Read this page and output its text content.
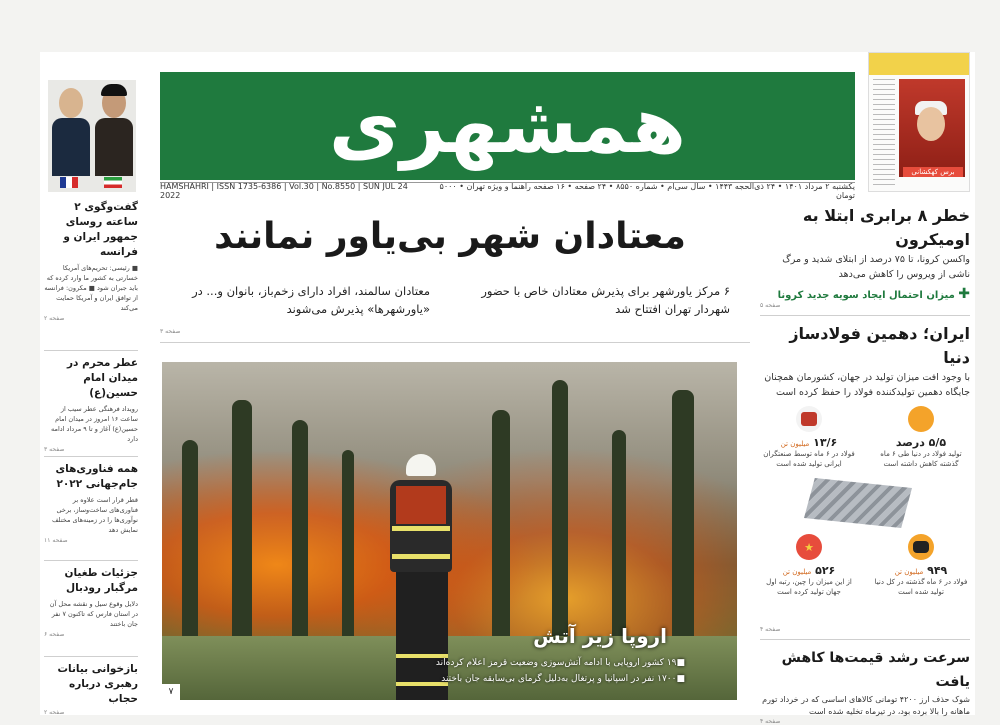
همشهری
HAMSHAHRI | ISSN 1735-6386 | Vol.30 | No.8550 | SUN JUL 24 2022
یکشنبه ۲ مرداد ۱۴۰۱ • ۲۴ ذی‌الحجه ۱۴۴۳ • سال سی‌ام • شماره ۸۵۵۰ • ۲۴ صفحه • ۱۶ صفحه راهنما و ویژه تهران • ۵۰۰۰ تومان
برس کهکشانی
گفت‌وگوی ۲ ساعته روسای جمهور ایران و فرانسه

■ رئیسی: تحریم‌های آمریکا خسارتی به کشور ما وارد کرده که باید جبران شود ■ مکرون: فرانسه از توافق ایران و آمریکا حمایت می‌کند

صفحه ۲
عطر محرم در میدان امام حسین(ع)

رویداد فرهنگی عطر سیب از ساعت ۱۶ امروز در میدان امام حسین(ع) آغاز و تا ۹ مرداد ادامه دارد

صفحه ۳
همه فناوری‌های جام‌جهانی ۲۰۲۲

قطر قرار است علاوه بر فناوری‌های ساخت‌وساز، برخی نوآوری‌ها را در زمینه‌های مختلف نمایش دهد

صفحه ۱۱
جزئیات طغیان مرگبار رودبال

دلایل وقوع سیل و نقشه محل آن در استان فارس که تاکنون ۷ نفر جان باختند

صفحه ۶
بازخوانی بیانات رهبری درباره حجاب
صفحه ۲
معتادان شهر بی‌یاور نمانند
۶ مرکز یاورشهر برای پذیرش معتادان خاص با حضور شهردار تهران افتتاح شد
معتادان سالمند، افراد دارای زخم‌باز، بانوان و... در «یاورشهرها» پذیرش می‌شوند
صفحه ۳
اروپا زیر آتش
■۱۹ کشور اروپایی با ادامه آتش‌سوزی وضعیت قرمز اعلام کرده‌اند
■۱۷۰۰ نفر در اسپانیا و پرتغال به‌دلیل گرمای بی‌سابقه جان باختند
۷
خطر ۸ برابری ابتلا به اومیکرون

واکسن کرونا، تا ۷۵ درصد از ابتلای شدید و مرگ ناشی از ویروس را کاهش می‌دهد

✚ میزان احتمال ایجاد سویه جدید کرونا
صفحه ۵
ایران؛ دهمین فولادساز دنیا

با وجود افت میزان تولید در جهان، کشورمان همچنان جایگاه دهمین تولیدکننده فولاد را حفظ کرده است

۵/۵ درصد

تولید فولاد در دنیا طی ۶ ماه گذشته کاهش داشته است

۱۳/۶ میلیون تن

فولاد در ۶ ماه توسط صنعتگران ایرانی تولید شده است

۹۴۹ میلیون تن

فولاد در ۶ ماه گذشته در کل دنیا تولید شده است

★
۵۲۶ میلیون تن

از این میزان را چین، رتبه اول جهان تولید کرده است

صفحه ۴
سرعت رشد قیمت‌ها کاهش یافت

شوک حذف ارز ۴۲۰۰ تومانی کالاهای اساسی که در خرداد تورم ماهانه را بالا برده بود، در تیرماه تخلیه شده است

صفحه ۴
